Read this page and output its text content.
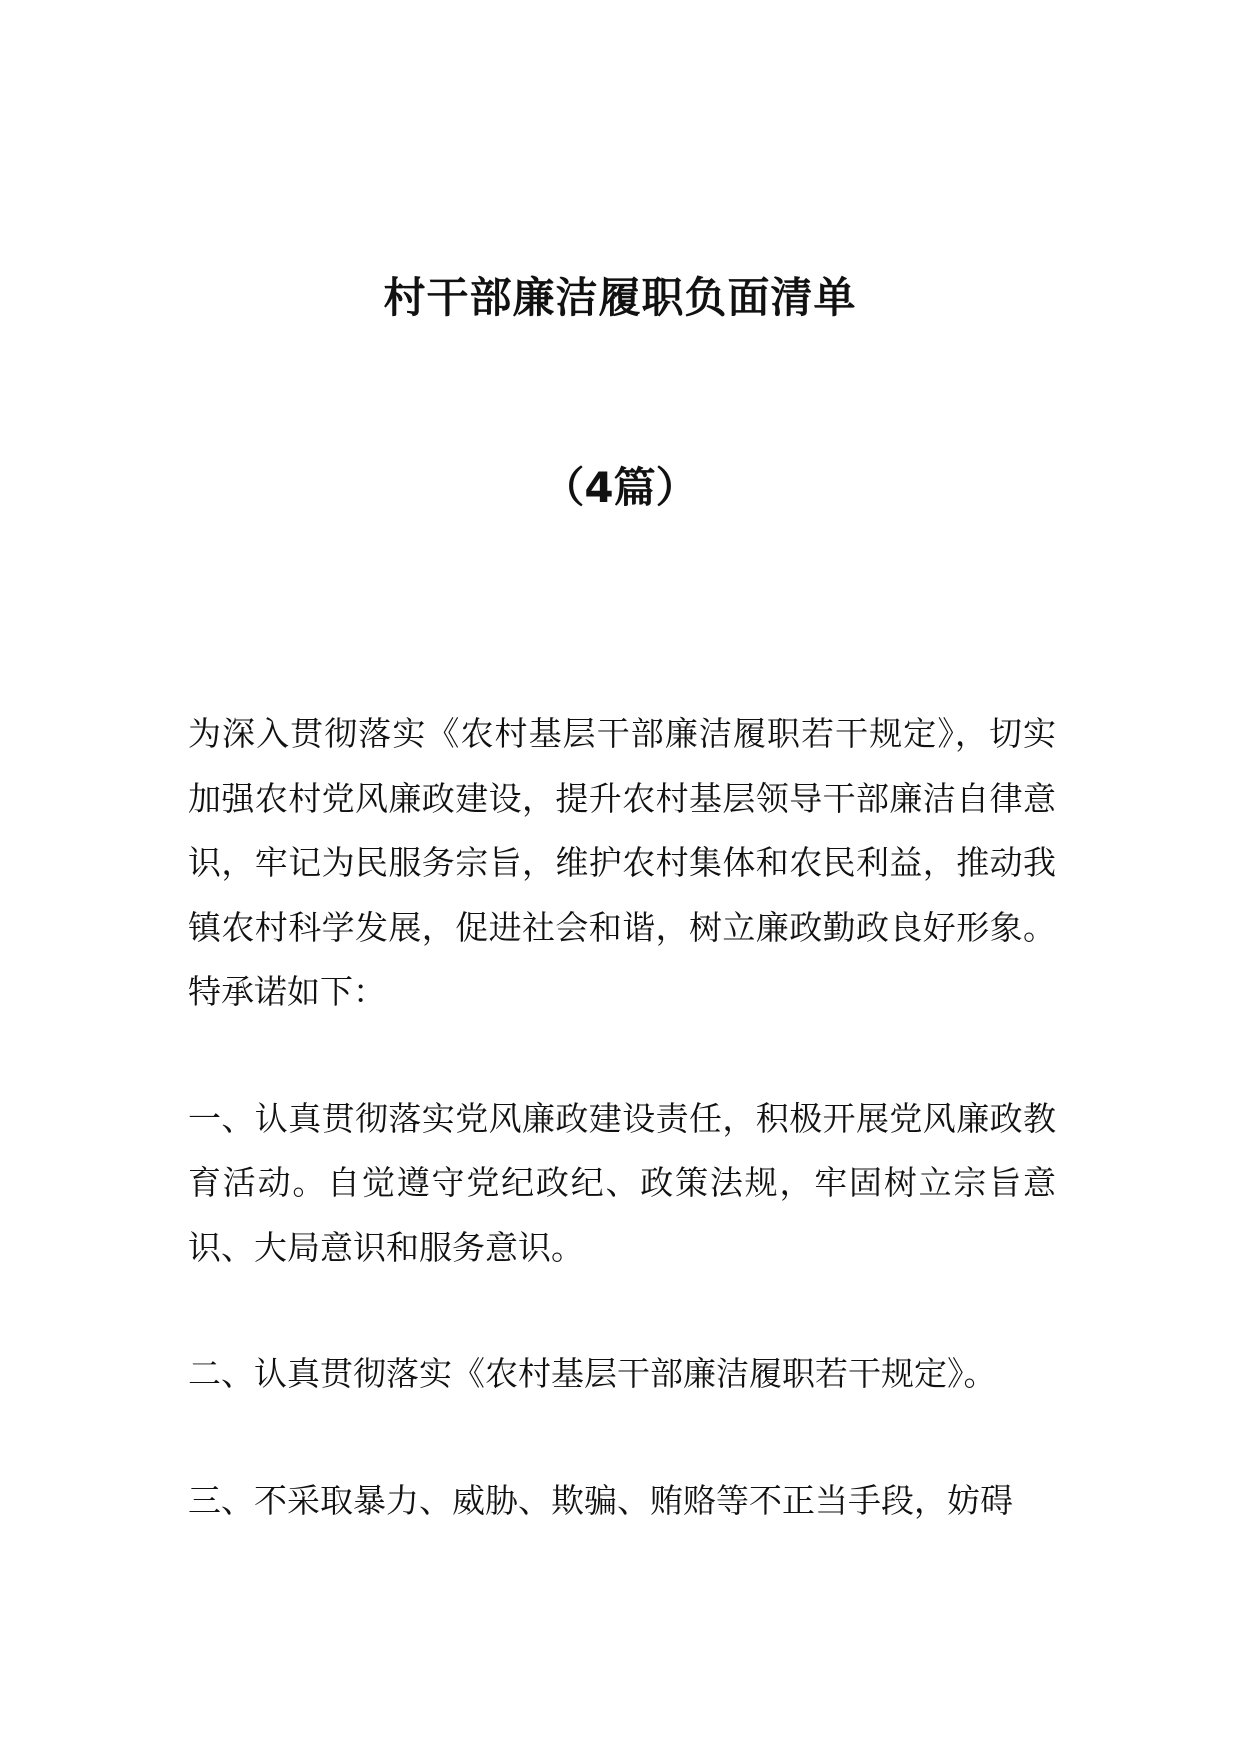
村干部廉洁履职负面清单
（4篇）

为深入贯彻落实《农村基层干部廉洁履职若干规定》，切实加强农村党风廉政建设，提升农村基层领导干部廉洁自律意识，牢记为民服务宗旨，维护农村集体和农民利益，推动我镇农村科学发展，促进社会和谐，树立廉政勤政良好形象。特承诺如下：

一、认真贯彻落实党风廉政建设责任，积极开展党风廉政教育活动。自觉遵守党纪政纪、政策法规，牢固树立宗旨意识、大局意识和服务意识。

二、认真贯彻落实《农村基层干部廉洁履职若干规定》。

三、不采取暴力、威胁、欺骗、贿赂等不正当手段，妨碍
